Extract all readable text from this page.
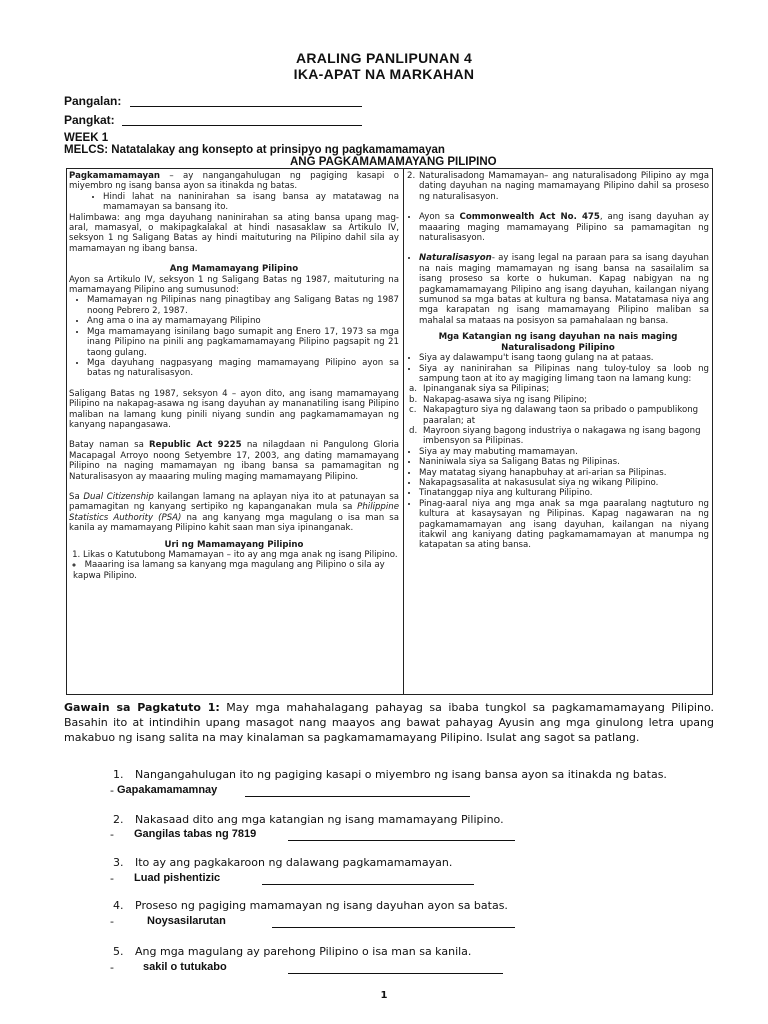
ARALING PANLIPUNAN 4
IKA-APAT NA MARKAHAN
Pangalan:
Pangkat:
WEEK 1
MELCS: Natatalakay ang konsepto at prinsipyo ng pagkamamamayan
ANG PAGKAMAMAMAYANG PILIPINO

Pagkamamamayan – ay nangangahulugan ng pagiging kasapi o miyembro ng isang bansa ayon sa itinakda ng batas.

• Hindi lahat na naninirahan sa isang bansa ay matatawag na mamamayan sa bansang ito.

Halimbawa: ang mga dayuhang naninirahan sa ating bansa upang mag-aral, mamasyal, o makipagkalakal at hindi nasasaklaw sa Artikulo IV, seksyon 1 ng Saligang Batas ay hindi maituturing na Pilipino dahil sila ay mamamayan ng ibang bansa.

Ang Mamamayang Pilipino

Ayon sa Artikulo IV, seksyon 1 ng Saligang Batas ng 1987, maituturing na mamamayang Pilipino ang sumusunod:

• Mamamayan ng Pilipinas nang pinagtibay ang Saligang Batas ng 1987 noong Pebrero 2, 1987.
• Ang ama o ina ay mamamayang Pilipino
• Mga mamamayang isinilang bago sumapit ang Enero 17, 1973 sa mga inang Pilipino na pinili ang pagkamamamayang Pilipino pagsapit ng 21 taong gulang.
• Mga dayuhang nagpasyang maging mamamayang Pilipino ayon sa batas ng naturalisasyon.

Saligang Batas ng 1987, seksyon 4 – ayon dito, ang isang mamamayang Pilipino na nakapag-asawa ng isang dayuhan ay mananatiling isang Pilipino maliban na lamang kung pinili niyang sundin ang pagkamamamayan ng kanyang napangasawa.

Batay naman sa Republic Act 9225 na nilagdaan ni Pangulong Gloria Macapagal Arroyo noong Setyembre 17, 2003, ang dating mamamayang Pilipino na naging mamamayan ng ibang bansa sa pamamagitan ng Naturalisasyon ay maaaring muling maging mamamayang Pilipino.

Sa Dual Citizenship kailangan lamang na aplayan niya ito at patunayan sa pamamagitan ng kanyang sertipiko ng kapanganakan mula sa Philippine Statistics Authority (PSA) na ang kanyang mga magulang o isa man sa kanila ay mamamayang Pilipino kahit saan man siya ipinanganak.

Uri ng Mamamayang Pilipino

1. Likas o Katutubong Mamamayan – ito ay ang mga anak ng isang Pilipino.
◦ Maaaring isa lamang sa kanyang mga magulang ang Pilipino o sila ay kapwa Pilipino.
2. Naturalisadong Mamamayan– ang naturalisadong Pilipino ay mga dating dayuhan na naging mamamayang Pilipino dahil sa proseso ng naturalisasyon.

• Ayon sa Commonwealth Act No. 475, ang isang dayuhan ay maaaring maging mamamayang Pilipino sa pamamagitan ng naturalisasyon.
• Naturalisasyon- ay isang legal na paraan para sa isang dayuhan na nais maging mamamayan ng isang bansa na sasailalim sa isang proseso sa korte o hukuman. Kapag nabigyan na ng pagkamamamayang Pilipino ang isang dayuhan, kailangan niyang sumunod sa mga batas at kultura ng bansa. Matatamasa niya ang mga karapatan ng isang mamamayang Pilipino maliban sa mahalal sa mataas na posisyon sa pamahalaan ng bansa.

Mga Katangian ng isang dayuhan na nais maging Naturalisadong Pilipino

• Siya ay dalawampu't isang taong gulang na at pataas.
• Siya ay naninirahan sa Pilipinas nang tuloy-tuloy sa loob ng sampung taon at ito ay magiging limang taon na lamang kung:
a. Ipinanganak siya sa Pilipinas;
b. Nakapag-asawa siya ng isang Pilipino;
c. Nakapagturo siya ng dalawang taon sa pribado o pampublikong paaralan; at
d. Mayroon siyang bagong industriya o nakagawa ng isang bagong imbensyon sa Pilipinas.
• Siya ay may mabuting mamamayan.
• Naniniwala siya sa Saligang Batas ng Pilipinas.
• May matatag siyang hanapbuhay at ari-arian sa Pilipinas.
• Nakapagsasalita at nakasusulat siya ng wikang Pilipino.
• Tinatanggap niya ang kulturang Pilipino.
• Pinag-aaral niya ang mga anak sa mga paaralang nagtuturo ng kultura at kasaysayan ng Pilipinas. Kapag nagawaran na ng pagkamamamayan ang isang dayuhan, kailangan na niyang itakwil ang kaniyang dating pagkamamamayan at manumpa ng katapatan sa ating bansa.
Gawain sa Pagkatuto 1: May mga mahahalagang pahayag sa ibaba tungkol sa pagkamamamayang Pilipino. Basahin ito at intindihin upang masagot nang maayos ang bawat pahayag Ayusin ang mga ginulong letra upang makabuo ng isang salita na may kinalaman sa pagkamamamayang Pilipino. Isulat ang sagot sa patlang.
1. Nangangahulugan ito ng pagiging kasapi o miyembro ng isang bansa ayon sa itinakda ng batas.
- Gapakamamamnay
2. Nakasaad dito ang mga katangian ng isang mamamayang Pilipino.
- Gangilas tabas ng 7819
3. Ito ay ang pagkakaroon ng dalawang pagkamamamayan.
- Luad pishentizic
4. Proseso ng pagiging mamamayan ng isang dayuhan ayon sa batas.
-	Noysasilarutan
5. Ang mga magulang ay parehong Pilipino o isa man sa kanila.
-	sakil o tutukabo
1
